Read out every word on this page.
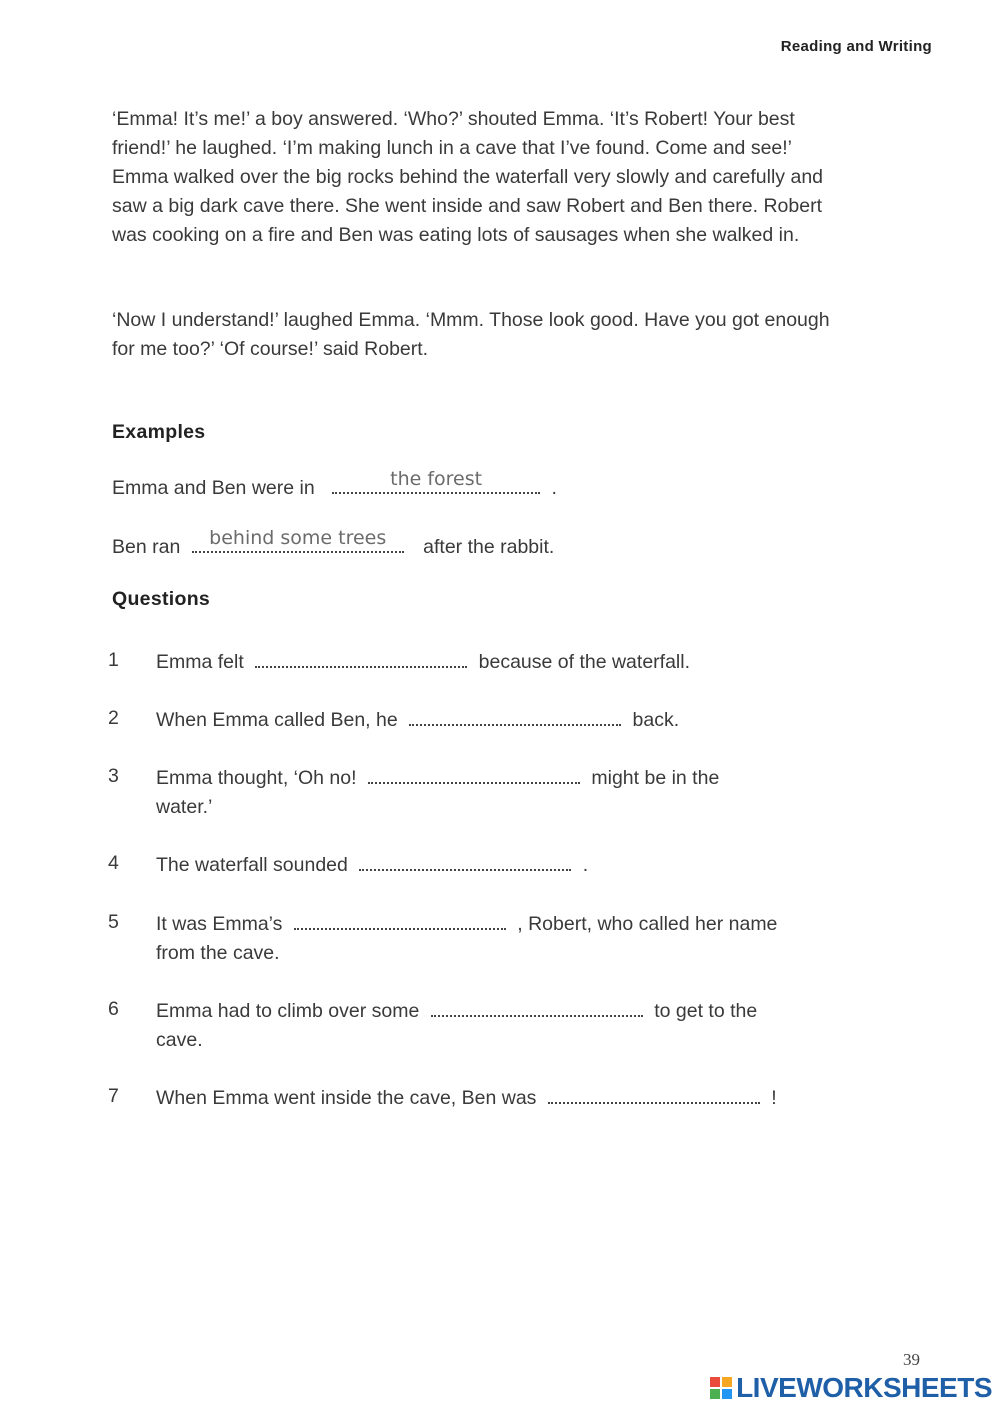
Reading and Writing

‘Emma! It’s me!’ a boy answered. ‘Who?’ shouted Emma. ‘It’s Robert! Your best friend!’ he laughed. ‘I’m making lunch in a cave that I’ve found. Come and see!’ Emma walked over the big rocks behind the waterfall very slowly and carefully and saw a big dark cave there. She went inside and saw Robert and Ben there. Robert was cooking on a fire and Ben was eating lots of sausages when she walked in.

‘Now I understand!’ laughed Emma. ‘Mmm. Those look good. Have you got enough for me too?’ ‘Of course!’ said Robert.

Examples
Emma and Ben were in	the forest	.
Ben ran	behind some trees	after the rabbit.
Questions
1	Emma felt	because of the waterfall.
2	When Emma called Ben, he	back.
3	Emma thought, ‘Oh no!	might be in the
water.’
4	The waterfall sounded	.
5	It was Emma’s	, Robert, who called her name
from the cave.
6	Emma had to climb over some	to get to the
cave.
7	When Emma went inside the cave, Ben was	!
39
LIVEWORKSHEETS
